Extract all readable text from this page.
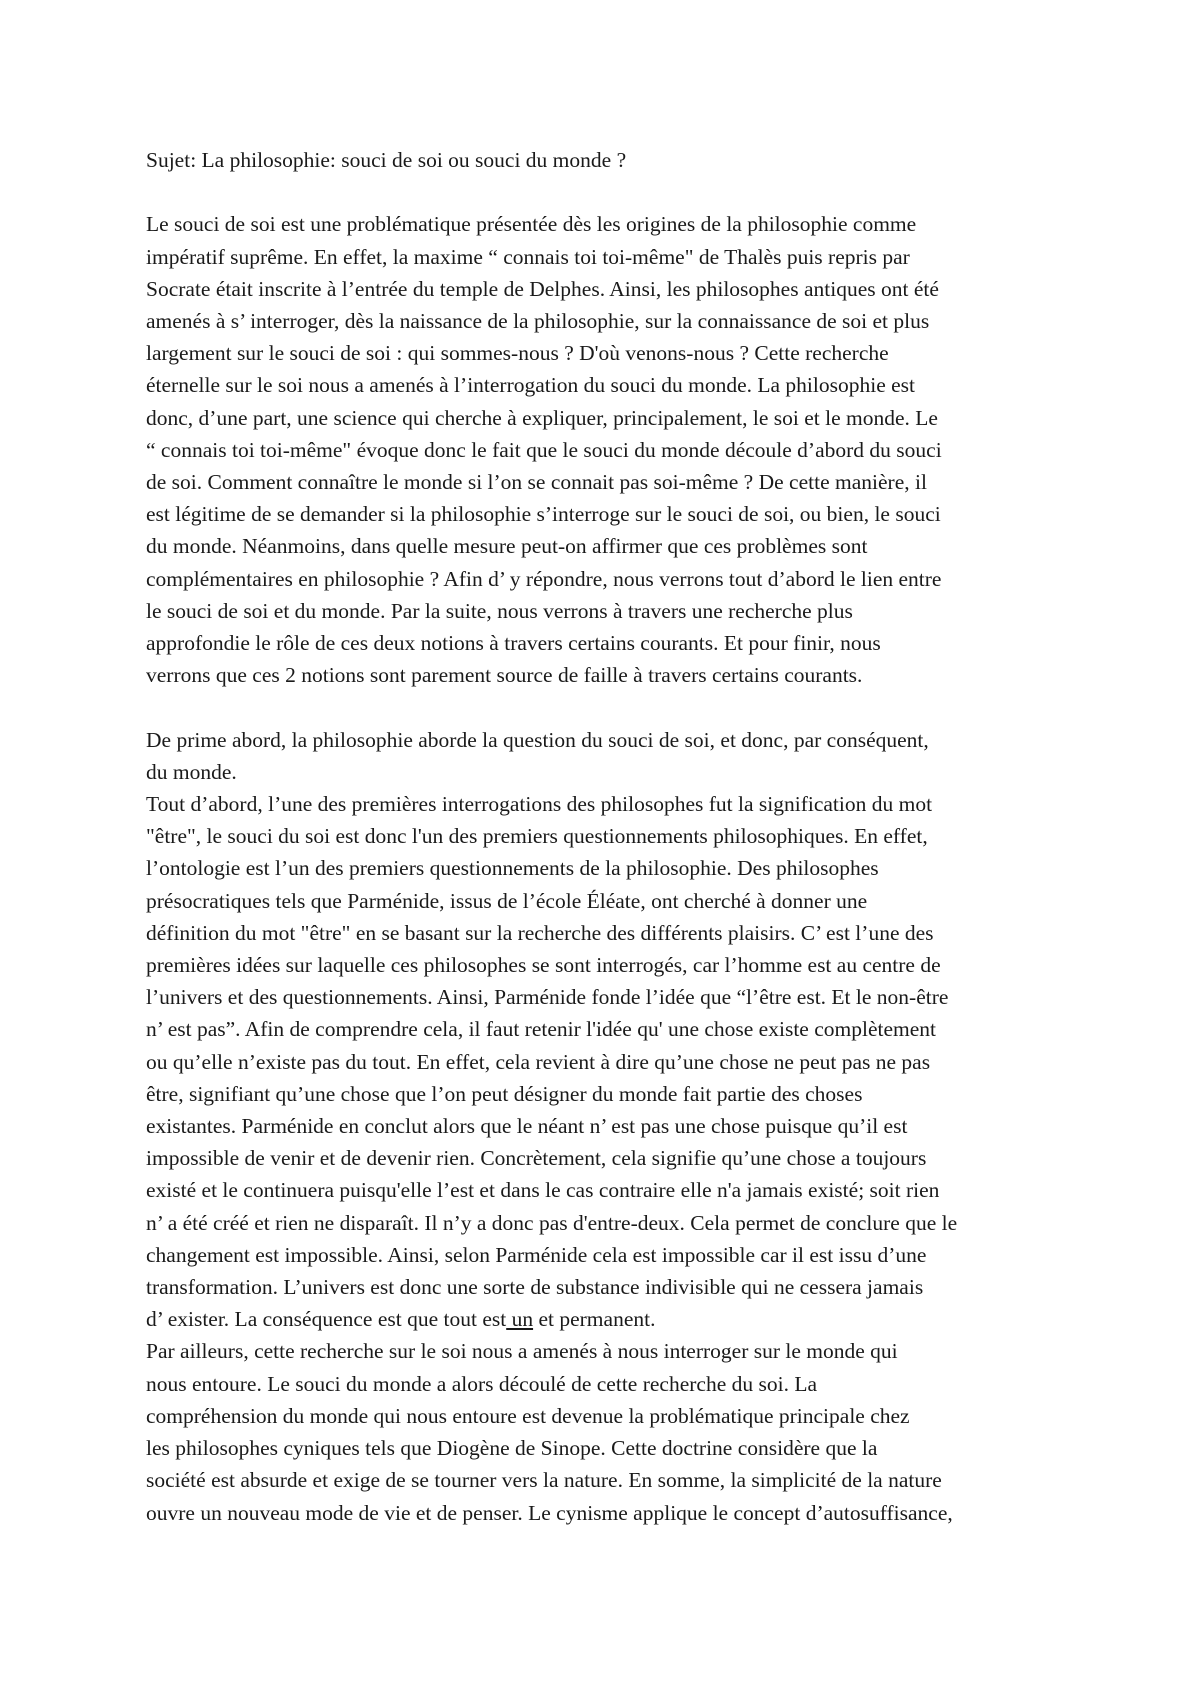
Sujet: La philosophie: souci de soi ou souci du monde ?
Le souci de soi est une problématique présentée dès les origines de la philosophie comme
impératif suprême. En effet, la maxime “ connais toi toi-même" de Thalès puis repris par
Socrate était inscrite à l’entrée du temple de Delphes. Ainsi, les philosophes antiques ont été
amenés à s’ interroger, dès la naissance de la philosophie, sur la connaissance de soi et plus
largement sur le souci de soi : qui sommes-nous ? D'où venons-nous ? Cette recherche
éternelle sur le soi nous a amenés à l’interrogation du souci du monde. La philosophie est
donc, d’une part, une science qui cherche à expliquer, principalement, le soi et le monde. Le
“ connais toi toi-même" évoque donc le fait que le souci du monde découle d’abord du souci
de soi. Comment connaître le monde si l’on se connait pas soi-même ? De cette manière, il
est légitime de se demander si la philosophie s’interroge sur le souci de soi, ou bien, le souci
du monde. Néanmoins, dans quelle mesure peut-on affirmer que ces problèmes sont
complémentaires en philosophie ? Afin d’ y répondre, nous verrons tout d’abord le lien entre
le souci de soi et du monde. Par la suite, nous verrons à travers une recherche plus
approfondie le rôle de ces deux notions à travers certains courants. Et pour finir, nous
verrons que ces 2 notions sont parement source de faille à travers certains courants.
De prime abord, la philosophie aborde la question du souci de soi, et donc, par conséquent,
du monde.
Tout d’abord, l’une des premières interrogations des philosophes fut la signification du mot
"être", le souci du soi est donc l'un des premiers questionnements philosophiques. En effet,
l’ontologie est l’un des premiers questionnements de la philosophie. Des philosophes
présocratiques tels que Parménide, issus de l’école Éléate, ont cherché à donner une
définition du mot "être" en se basant sur la recherche des différents plaisirs. C’ est l’une des
premières idées sur laquelle ces philosophes se sont interrogés, car l’homme est au centre de
l’univers et des questionnements. Ainsi, Parménide fonde l’idée que “l’être est. Et le non-être
n’ est pas”. Afin de comprendre cela, il faut retenir l'idée qu' une chose existe complètement
ou qu’elle n’existe pas du tout. En effet, cela revient à dire qu’une chose ne peut pas ne pas
être, signifiant qu’une chose que l’on peut désigner du monde fait partie des choses
existantes. Parménide en conclut alors que le néant n’ est pas une chose puisque qu’il est
impossible de venir et de devenir rien. Concrètement, cela signifie qu’une chose a toujours
existé et le continuera puisqu'elle l’est et dans le cas contraire elle n'a jamais existé; soit rien
n’ a été créé et rien ne disparaît. Il n’y a donc pas d'entre-deux. Cela permet de conclure que le
changement est impossible. Ainsi, selon Parménide cela est impossible car il est issu d’une
transformation. L’univers est donc une sorte de substance indivisible qui ne cessera jamais
d’ exister. La conséquence est que tout est un et permanent.
Par ailleurs, cette recherche sur le soi nous a amenés à nous interroger sur le monde qui
nous entoure. Le souci du monde a alors découlé de cette recherche du soi. La
compréhension du monde qui nous entoure est devenue la problématique principale chez
les philosophes cyniques tels que Diogène de Sinope. Cette doctrine considère que la
société est absurde et exige de se tourner vers la nature. En somme, la simplicité de la nature
ouvre un nouveau mode de vie et de penser. Le cynisme applique le concept d’autosuffisance,
